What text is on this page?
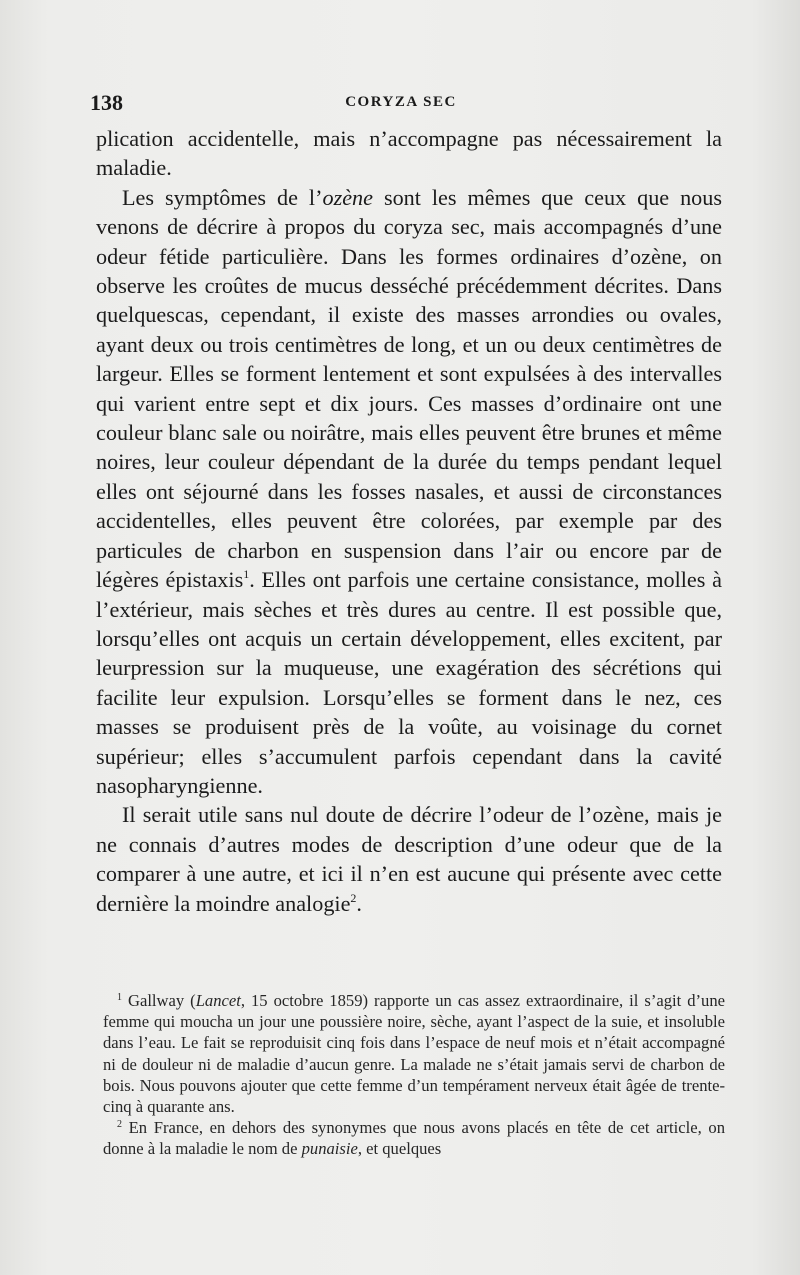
138	CORYZA SEC

plication accidentelle, mais n’accompagne pas nécessairement la maladie.

Les symptômes de l’ozène sont les mêmes que ceux que nous venons de décrire à propos du coryza sec, mais accompagnés d’une odeur fétide particulière. Dans les formes ordinaires d’ozène, on observe les croûtes de mucus desséché précédemment décrites. Dans quelquescas, cependant, il existe des masses arrondies ou ovales, ayant deux ou trois centimètres de long, et un ou deux centimètres de largeur. Elles se forment lentement et sont expulsées à des intervalles qui varient entre sept et dix jours. Ces masses d’ordinaire ont une couleur blanc sale ou noirâtre, mais elles peuvent être brunes et même noires, leur couleur dépendant de la durée du temps pendant lequel elles ont séjourné dans les fosses nasales, et aussi de circonstances accidentelles, elles peuvent être colorées, par exemple par des particules de charbon en suspension dans l’air ou encore par de légères épistaxis$^1$. Elles ont parfois une certaine consistance, molles à l’extérieur, mais sèches et très dures au centre. Il est possible que, lorsqu’elles ont acquis un certain développement, elles excitent, par leurpression sur la muqueuse, une exagération des sécrétions qui facilite leur expulsion. Lorsqu’elles se forment dans le nez, ces masses se produisent près de la voûte, au voisinage du cornet supérieur; elles s’accumulent parfois cependant dans la cavité nasopharyngienne.

Il serait utile sans nul doute de décrire l’odeur de l’ozène, mais je ne connais d’autres modes de description d’une odeur que de la comparer à une autre, et ici il n’en est aucune qui présente avec cette dernière la moindre analogie$^2$.

$^1$ Gallway (Lancet, 15 octobre 1859) rapporte un cas assez extraordinaire, il s’agit d’une femme qui moucha un jour une poussière noire, sèche, ayant l’aspect de la suie, et insoluble dans l’eau. Le fait se reproduisit cinq fois dans l’espace de neuf mois et n’était accompagné ni de douleur ni de maladie d’aucun genre. La malade ne s’était jamais servi de charbon de bois. Nous pouvons ajouter que cette femme d’un tempérament nerveux était âgée de trente-cinq à quarante ans.

$^2$ En France, en dehors des synonymes que nous avons placés en tête de cet article, on donne à la maladie le nom de punaisie, et quelques
